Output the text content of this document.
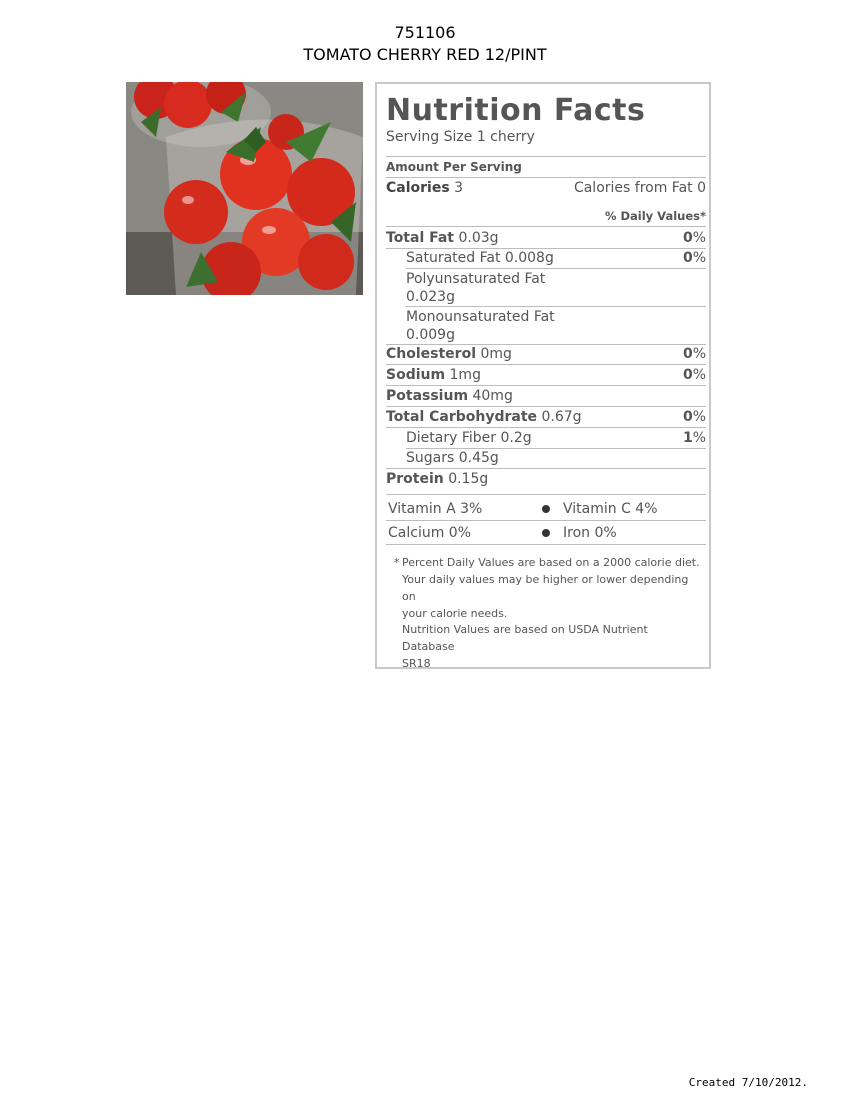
751106
TOMATO CHERRY RED 12/PINT
Nutrition Facts
Serving Size 1 cherry
Amount Per Serving
Calories 3	Calories from Fat 0
% Daily Values*
Total Fat 0.03g	0%
Saturated Fat 0.008g	0%
Polyunsaturated Fat
0.023g
Monounsaturated Fat
0.009g
Cholesterol 0mg	0%
Sodium 1mg	0%
Potassium 40mg
Total Carbohydrate 0.67g	0%
Dietary Fiber 0.2g	1%
Sugars 0.45g
Protein 0.15g
Vitamin A 3%	Vitamin C 4%
Calcium 0%	Iron 0%
* Percent Daily Values are based on a 2000 calorie diet.
Your daily values may be higher or lower depending on
your calorie needs.
Nutrition Values are based on USDA Nutrient Database
SR18
Created 7/10/2012.
